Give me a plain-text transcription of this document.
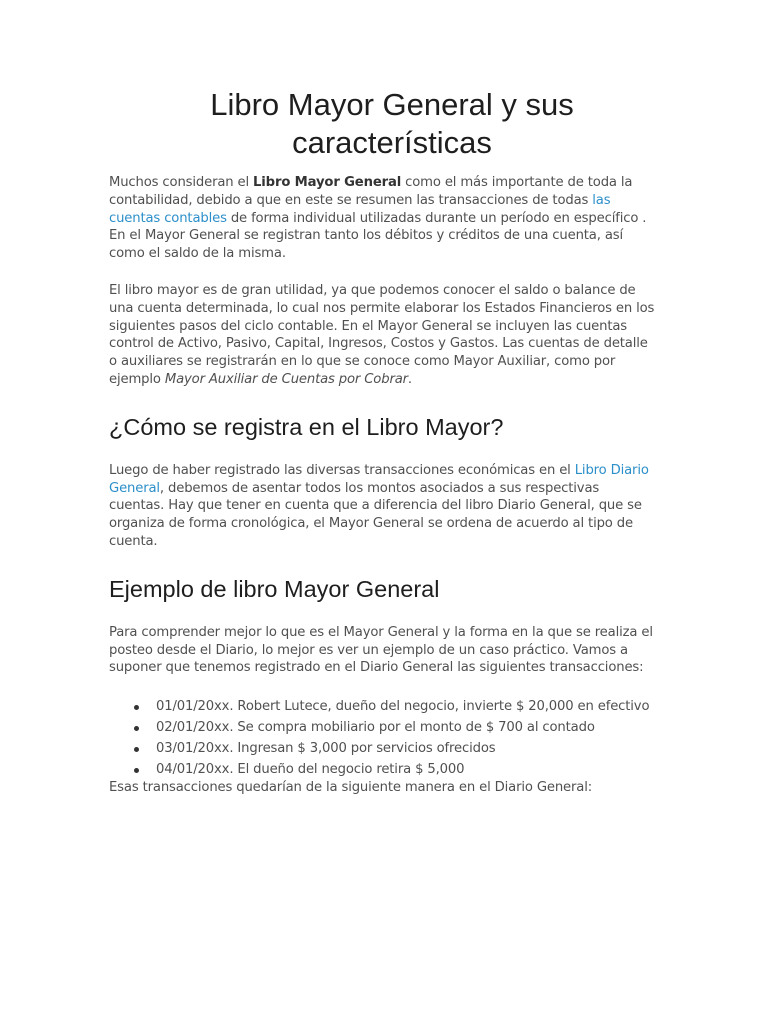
Libro Mayor General y sus características

Muchos consideran el Libro Mayor General como el más importante de toda la contabilidad, debido a que en este se resumen las transacciones de todas las cuentas contables de forma individual utilizadas durante un período en específico . En el Mayor General se registran tanto los débitos y créditos de una cuenta, así como el saldo de la misma.

El libro mayor es de gran utilidad, ya que podemos conocer el saldo o balance de una cuenta determinada, lo cual nos permite elaborar los Estados Financieros en los siguientes pasos del ciclo contable. En el Mayor General se incluyen las cuentas control de Activo, Pasivo, Capital, Ingresos, Costos y Gastos. Las cuentas de detalle o auxiliares se registrarán en lo que se conoce como Mayor Auxiliar, como por ejemplo Mayor Auxiliar de Cuentas por Cobrar.

¿Cómo se registra en el Libro Mayor?

Luego de haber registrado las diversas transacciones económicas en el Libro Diario General, debemos de asentar todos los montos asociados a sus respectivas cuentas. Hay que tener en cuenta que a diferencia del libro Diario General, que se organiza de forma cronológica, el Mayor General se ordena de acuerdo al tipo de cuenta.

Ejemplo de libro Mayor General

Para comprender mejor lo que es el Mayor General y la forma en la que se realiza el posteo desde el Diario, lo mejor es ver un ejemplo de un caso práctico. Vamos a suponer que tenemos registrado en el Diario General las siguientes transacciones:

01/01/20xx. Robert Lutece, dueño del negocio, invierte $ 20,000 en efectivo
02/01/20xx. Se compra mobiliario por el monto de $ 700 al contado
03/01/20xx. Ingresan $ 3,000 por servicios ofrecidos
04/01/20xx. El dueño del negocio retira $ 5,000

Esas transacciones quedarían de la siguiente manera en el Diario General:
